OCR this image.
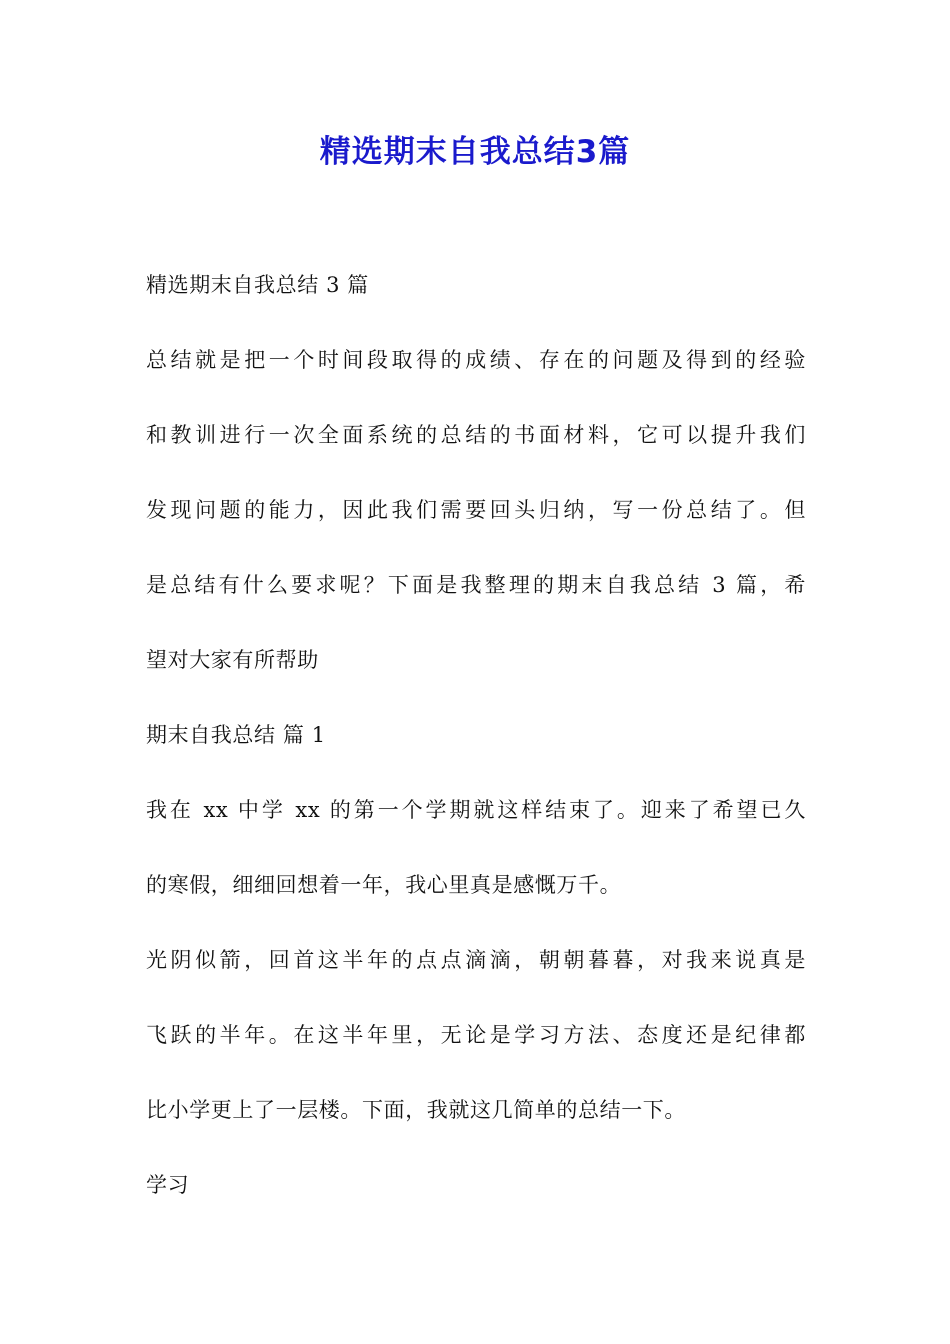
精选期末自我总结3篇
精选期末自我总结 3 篇
总结就是把一个时间段取得的成绩、存在的问题及得到的经验
和教训进行一次全面系统的总结的书面材料，它可以提升我们
发现问题的能力，因此我们需要回头归纳，写一份总结了。但
是总结有什么要求呢？下面是我整理的期末自我总结 3 篇，希
望对大家有所帮助
期末自我总结 篇 1
我在 xx 中学 xx 的第一个学期就这样结束了。迎来了希望已久
的寒假，细细回想着一年，我心里真是感慨万千。
光阴似箭，回首这半年的点点滴滴，朝朝暮暮，对我来说真是
飞跃的半年。在这半年里，无论是学习方法、态度还是纪律都
比小学更上了一层楼。下面，我就这几简单的总结一下。
学习
